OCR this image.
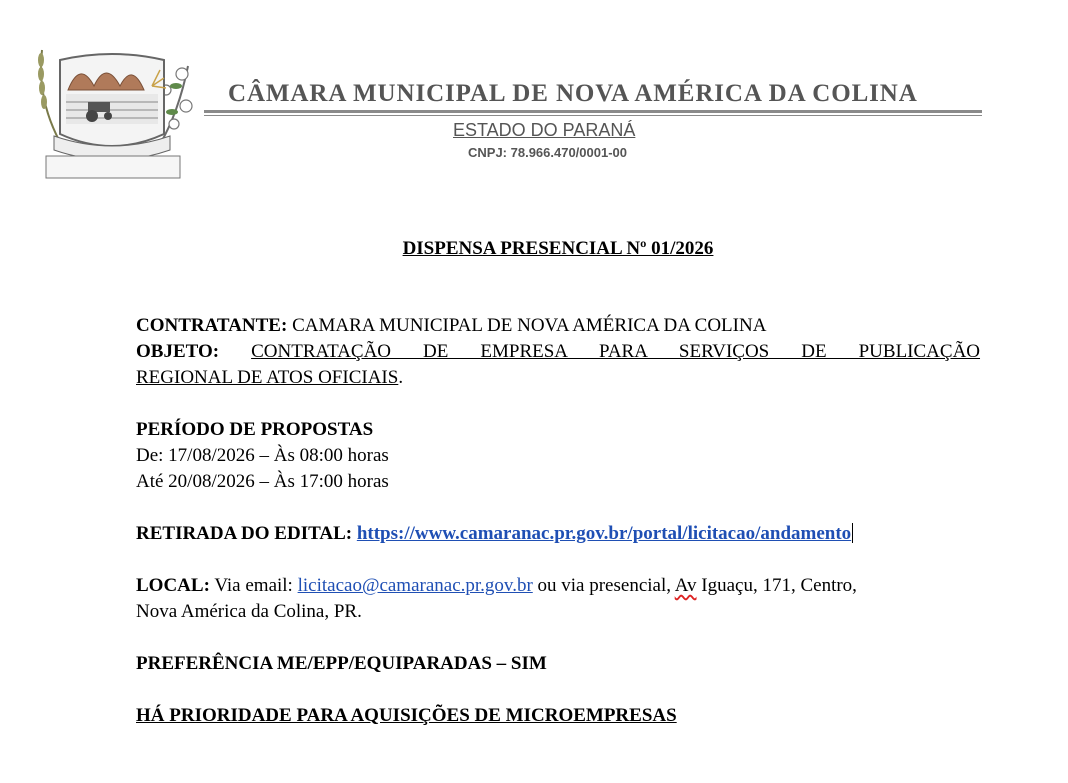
CÂMARA MUNICIPAL DE NOVA AMÉRICA DA COLINA
ESTADO DO PARANÁ
CNPJ: 78.966.470/0001-00
DISPENSA PRESENCIAL Nº 01/2026
CONTRATANTE: CAMARA MUNICIPAL DE NOVA AMÉRICA DA COLINA
OBJETO: CONTRATAÇÃO DE EMPRESA PARA SERVIÇOS DE PUBLICAÇÃO
REGIONAL DE ATOS OFICIAIS.
PERÍODO DE PROPOSTAS
De: 17/08/2026 – Às 08:00 horas
Até 20/08/2026 – Às 17:00 horas
RETIRADA DO EDITAL: https://www.camaranac.pr.gov.br/portal/licitacao/andamento
LOCAL: Via email: licitacao@camaranac.pr.gov.br ou via presencial, Av Iguaçu, 171, Centro,
Nova América da Colina, PR.
PREFERÊNCIA ME/EPP/EQUIPARADAS – SIM
HÁ PRIORIDADE PARA AQUISIÇÕES DE MICROEMPRESAS
